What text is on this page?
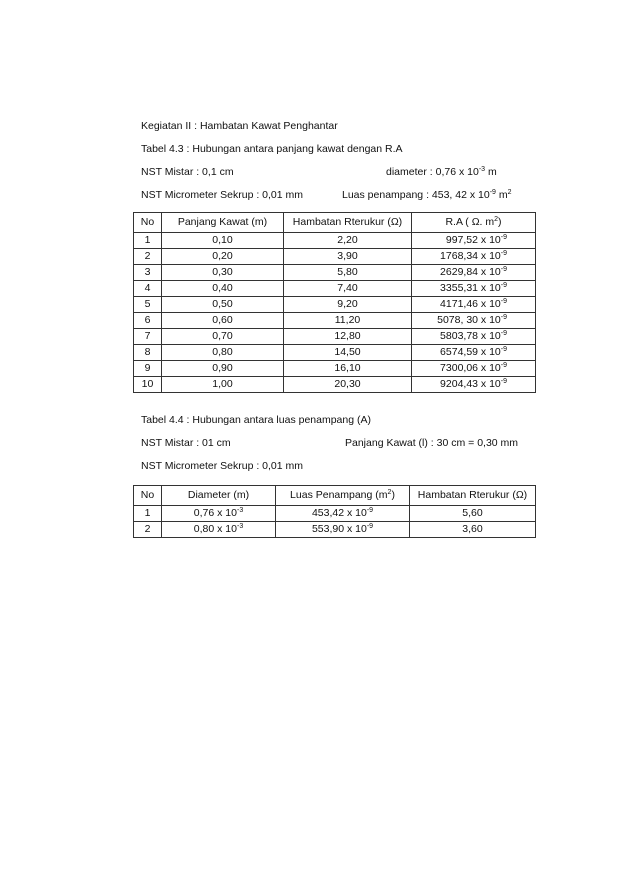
Kegiatan II : Hambatan Kawat Penghantar
Tabel 4.3 : Hubungan antara panjang kawat dengan R.A
NST Mistar : 0,1 cm	diameter : 0,76 x $10^{-3}$ m
NST Micrometer Sekrup : 0,01 mm	Luas penampang : 453, 42 x $10^{-9}$ $m^2$
No	Panjang Kawat (m)	Hambatan Rterukur (Ω)	R.A ( Ω. $m^2$)
1	0,10	2,20	997,52 x $10^{-9}$
2	0,20	3,90	1768,34 x $10^{-9}$
3	0,30	5,80	2629,84 x $10^{-9}$
4	0,40	7,40	3355,31 x $10^{-9}$
5	0,50	9,20	4171,46 x $10^{-9}$
6	0,60	11,20	5078, 30 x $10^{-9}$
7	0,70	12,80	5803,78 x $10^{-9}$
8	0,80	14,50	6574,59 x $10^{-9}$
9	0,90	16,10	7300,06 x $10^{-9}$
10	1,00	20,30	9204,43 x $10^{-9}$
Tabel 4.4 : Hubungan antara luas penampang (A)
NST Mistar : 01 cm	Panjang Kawat (l) : 30 cm = 0,30 mm
NST Micrometer Sekrup : 0,01 mm
No	Diameter (m)	Luas Penampang $(m^2)$	Hambatan Rterukur (Ω)
1	0,76 x $10^{-3}$	453,42 x $10^{-9}$	5,60
2	0,80 x $10^{-3}$	553,90 x $10^{-9}$	3,60
